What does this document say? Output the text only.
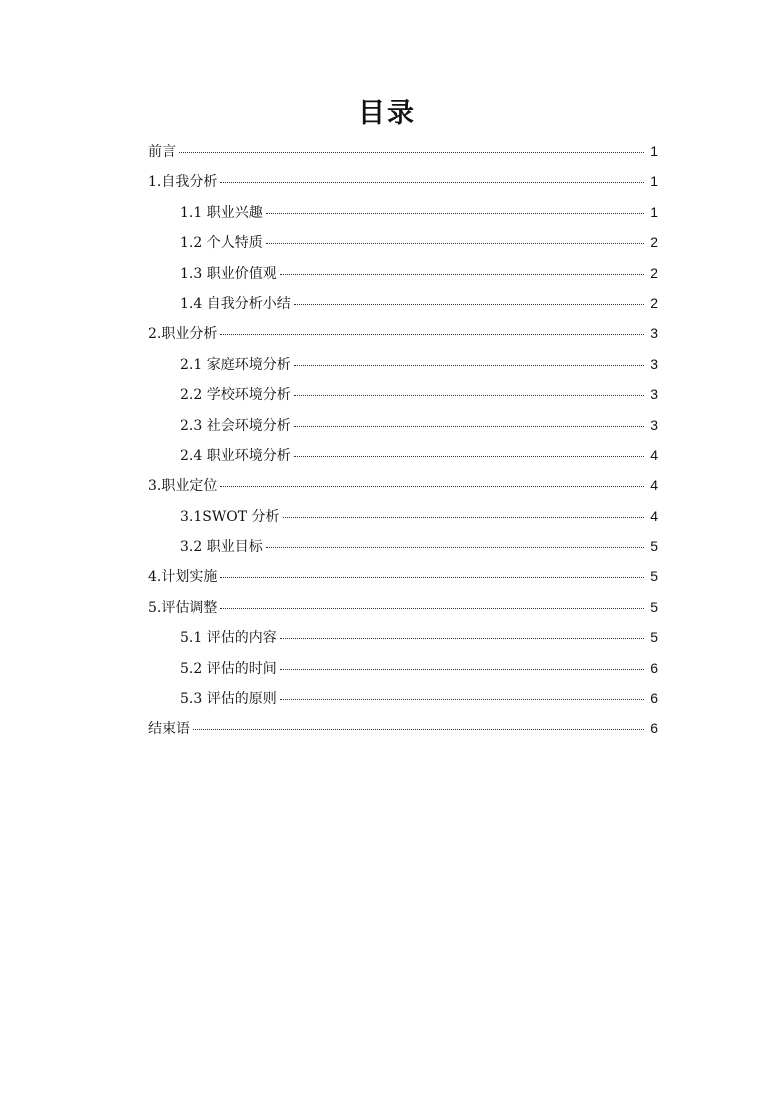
目录
前言	1
1.自我分析	1
1.1 职业兴趣	1
1.2 个人特质	2
1.3 职业价值观	2
1.4 自我分析小结	2
2.职业分析	3
2.1 家庭环境分析	3
2.2 学校环境分析	3
2.3 社会环境分析	3
2.4 职业环境分析	4
3.职业定位	4
3.1SWOT 分析	4
3.2 职业目标	5
4.计划实施	5
5.评估调整	5
5.1 评估的内容	5
5.2 评估的时间	6
5.3 评估的原则	6
结束语	6
